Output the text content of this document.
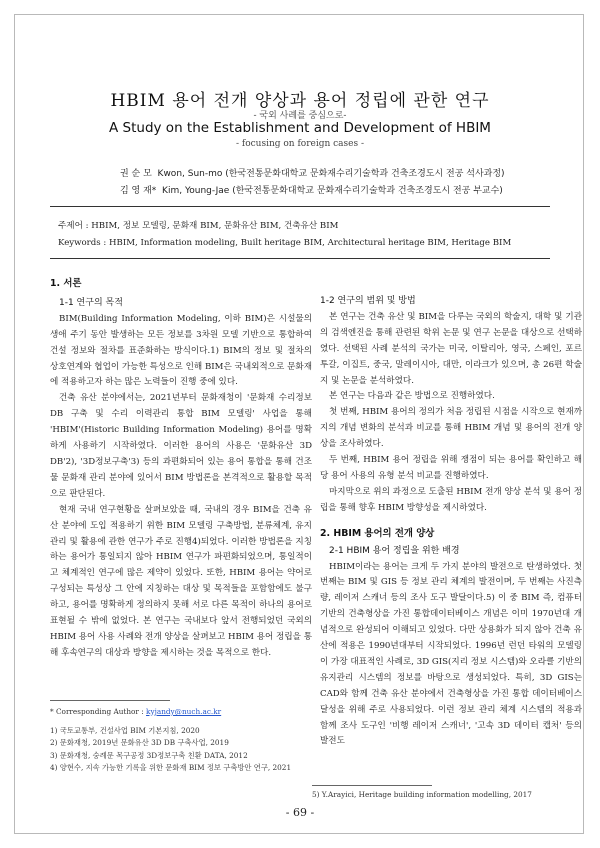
HBIM 용어 전개 양상과 용어 정립에 관한 연구
- 국외 사례를 중심으로-
A Study on the Establishment and Development of HBIM
- focusing on foreign cases -
권 순 모 Kwon, Sun-mo (한국전통문화대학교 문화재수리기술학과 건축조경도시 전공 석사과정)
김 영 재* Kim, Young-Jae (한국전통문화대학교 문화재수리기술학과 건축조경도시 전공 부교수)
주제어 : HBIM, 정보 모델링, 문화재 BIM, 문화유산 BIM, 건축유산 BIM
Keywords : HBIM, Information modeling, Built heritage BIM, Architectural heritage BIM, Heritage BIM
1. 서론
1-1 연구의 목적

BIM(Building Information Modeling, 이하 BIM)은 시설물의 생애 주기 동안 발생하는 모든 정보를 3차원 모델 기반으로 통합하여 건설 정보와 절차를 표준화하는 방식이다.1) BIM의 정보 및 절차의 상호연계와 협업이 가능한 특성으로 인해 BIM은 국내외적으로 문화재에 적용하고자 하는 많은 노력들이 진행 중에 있다.

건축 유산 분야에서는, 2021년부터 문화재청이 '문화재 수리정보 DB 구축 및 수리 이력관리 통합 BIM 모델링' 사업을 통해 'HBIM'(Historic Building Information Modeling) 용어를 명확하게 사용하기 시작하였다. 이러한 용어의 사용은 '문화유산 3D DB'2), '3D정보구축'3) 등의 과편화되어 있는 용어 통합을 통해 건조물 문화재 관리 분야에 있어서 BIM 방법론을 본격적으로 활용할 목적으로 판단된다.

현재 국내 연구현황을 살펴보았을 때, 국내의 경우 BIM을 건축 유산 분야에 도입 적용하기 위한 BIM 모델링 구축방법, 분류체계, 유지관리 및 활용에 관한 연구가 주로 진행4)되었다. 이러한 방법론을 지칭하는 용어가 통일되지 않아 HBIM 연구가 파편화되었으며, 통일적이고 체계적인 연구에 많은 제약이 있었다. 또한, HBIM 용어는 약어로 구성되는 특성상 그 안에 지칭하는 대상 및 목적들을 포함함에도 불구하고, 용어를 명확하게 정의하지 못해 서로 다른 목적이 하나의 용어로 표현될 수 밖에 없었다. 본 연구는 국내보다 앞서 전행되었던 국외의 HBIM 용어 사용 사례와 전개 양상을 살펴보고 HBIM 용어 정립을 통해 후속연구의 대상과 방향을 제시하는 것을 목적으로 한다.

* Corresponding Author : kyjandy@nuch.ac.kr
1) 국토교통부, 건설사업 BIM 기본지침, 2020
2) 문화재청, 2019년 문화유산 3D DB 구축사업, 2019
3) 문화재청, 숭례문 목구공정 3D정보구축 친환 DATA, 2012
4) 양현수, 지속 가능한 기록을 위한 문화재 BIM 정보 구축방안 연구, 2021
1-2 연구의 범위 및 방법

본 연구는 건축 유산 및 BIM을 다루는 국외의 학술지, 대학 및 기관의 검색엔진을 통해 관련된 학위 논문 및 연구 논문을 대상으로 선택하였다. 선택된 사례 분석의 국가는 미국, 이탈리아, 영국, 스페인, 포르투갈, 이집트, 중국, 말레이시아, 대만, 이라크가 있으며, 총 26편 학술지 및 논문을 분석하였다.

본 연구는 다음과 같은 방법으로 진행하였다.

첫 번째, HBIM 용어의 정의가 처음 정립된 시점을 시작으로 현재까지의 개념 변화의 분석과 비교를 통해 HBIM 개념 및 용어의 전개 양상을 조사하였다.

두 번째, HBIM 용어 정립을 위해 쟁점이 되는 용어를 확인하고 해당 용어 사용의 유형 분석 비교를 진행하였다.

마지막으로 위의 과정으로 도출된 HBIM 전개 양상 분석 및 용어 정립을 통해 향후 HBIM 방향성을 제시하였다.

2. HBIM 용어의 전개 양상
2-1 HBIM 용어 정립을 위한 배경

HBIM이라는 용어는 크게 두 가지 분야의 발전으로 탄생하였다. 첫 번째는 BIM 및 GIS 등 정보 관리 체계의 발전이며, 두 번째는 사진측량, 레이저 스캐너 등의 조사 도구 발달이다.5) 이 중 BIM 즉, 컴퓨터 기반의 건축형상을 가진 통합데이터베이스 개념은 이미 1970년대 개념적으로 완성되어 이해되고 있었다. 다만 상용화가 되지 않아 건축 유산에 적용은 1990년대부터 시작되었다. 1996년 런던 타워의 모델링이 가장 대표적인 사례로, 3D GIS(지리 정보 시스템)와 오라클 기반의 유지관리 시스템의 정보를 바탕으로 생성되었다. 특히, 3D GIS는 CAD와 함께 건축 유산 분야에서 건축형상을 가진 통합 데이터베이스 달성을 위해 주로 사용되었다. 이런 정보 관리 체계 시스템의 적용과 함께 조사 도구인 '비행 레이저 스캐너', '고속 3D 데이터 캡처' 등의 발전도

5) Y.Arayici, Heritage building information modelling, 2017
- 69 -
